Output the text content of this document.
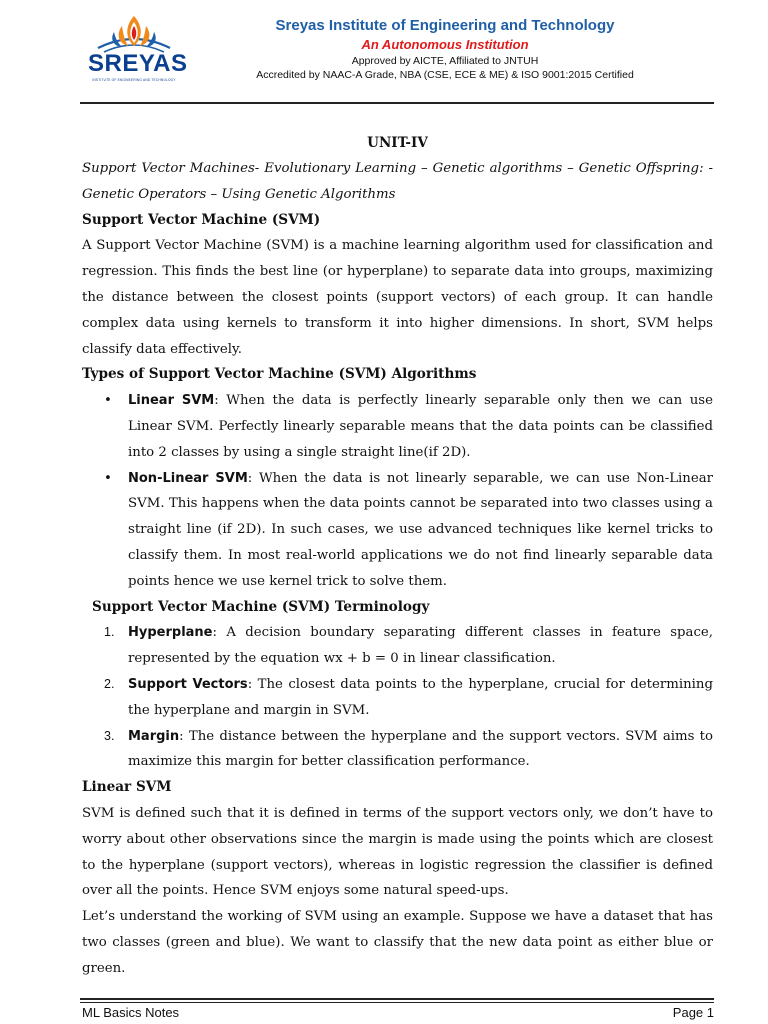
SREYAS
INSTITUTE OF ENGINEERING AND TECHNOLOGY
Sreyas Institute of Engineering and Technology
An Autonomous Institution
Approved by AICTE, Affiliated to JNTUH
Accredited by NAAC-A Grade, NBA (CSE, ECE & ME) & ISO 9001:2015 Certified
UNIT-IV
Support Vector Machines- Evolutionary Learning – Genetic algorithms – Genetic Offspring: -
Genetic Operators – Using Genetic Algorithms
Support Vector Machine (SVM)
A Support Vector Machine (SVM) is a machine learning algorithm used for classification and regression. This finds the best line (or hyperplane) to separate data into groups, maximizing the distance between the closest points (support vectors) of each group. It can handle complex data using kernels to transform it into higher dimensions. In short, SVM helps classify data effectively.
Types of Support Vector Machine (SVM) Algorithms
• Linear SVM: When the data is perfectly linearly separable only then we can use Linear SVM. Perfectly linearly separable means that the data points can be classified into 2 classes by using a single straight line(if 2D).
• Non-Linear SVM: When the data is not linearly separable, we can use Non-Linear SVM. This happens when the data points cannot be separated into two classes using a straight line (if 2D). In such cases, we use advanced techniques like kernel tricks to classify them. In most real-world applications we do not find linearly separable data points hence we use kernel trick to solve them.
Support Vector Machine (SVM) Terminology
1. Hyperplane: A decision boundary separating different classes in feature space, represented by the equation wx + b = 0 in linear classification.
2. Support Vectors: The closest data points to the hyperplane, crucial for determining the hyperplane and margin in SVM.
3. Margin: The distance between the hyperplane and the support vectors. SVM aims to maximize this margin for better classification performance.
Linear SVM
SVM is defined such that it is defined in terms of the support vectors only, we don’t have to worry about other observations since the margin is made using the points which are closest to the hyperplane (support vectors), whereas in logistic regression the classifier is defined over all the points. Hence SVM enjoys some natural speed-ups.
Let’s understand the working of SVM using an example. Suppose we have a dataset that has two classes (green and blue). We want to classify that the new data point as either blue or green.
ML Basics Notes	Page 1
